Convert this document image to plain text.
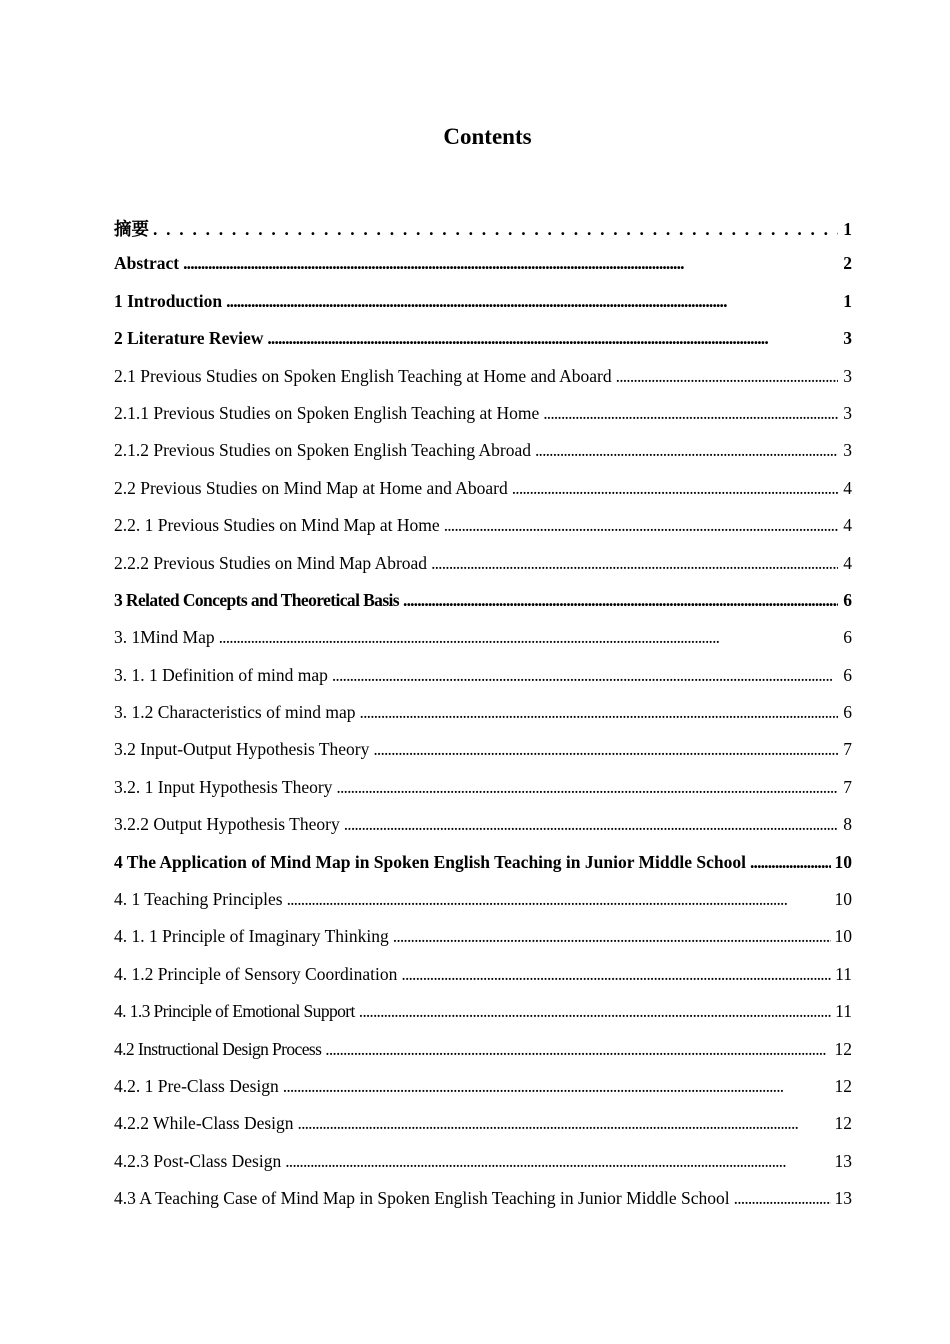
Contents
摘要 . . .	1
Abstract . . .	2
1 Introduction . . .	1
2 Literature Review . . .	3
2.1 Previous Studies on Spoken English Teaching at Home and Aboard . . .	3
2.1.1 Previous Studies on Spoken English Teaching at Home . . .	3
2.1.2 Previous Studies on Spoken English Teaching Abroad . . .	3
2.2 Previous Studies on Mind Map at Home and Aboard . . .	4
2.2. 1 Previous Studies on Mind Map at Home . . .	4
2.2.2 Previous Studies on Mind Map Abroad . . .	4
3 Related Concepts and Theoretical Basis . . .	6
3. 1Mind Map . . .	6
3. 1. 1 Definition of mind map . . .	6
3. 1.2 Characteristics of mind map . . .	6
3.2 Input-Output Hypothesis Theory . . .	7
3.2. 1 Input Hypothesis Theory . . .	7
3.2.2 Output Hypothesis Theory . . .	8
4 The Application of Mind Map in Spoken English Teaching in Junior Middle School . . .	10
4. 1 Teaching Principles . . .	10
4. 1. 1 Principle of Imaginary Thinking . . .	10
4. 1.2 Principle of Sensory Coordination . . .	11
4. 1.3 Principle of Emotional Support . . .	11
4.2 Instructional Design Process . . .	12
4.2. 1 Pre-Class Design . . .	12
4.2.2 While-Class Design . . .	12
4.2.3 Post-Class Design . . .	13
4.3 A Teaching Case of Mind Map in Spoken English Teaching in Junior Middle School . . .	13
